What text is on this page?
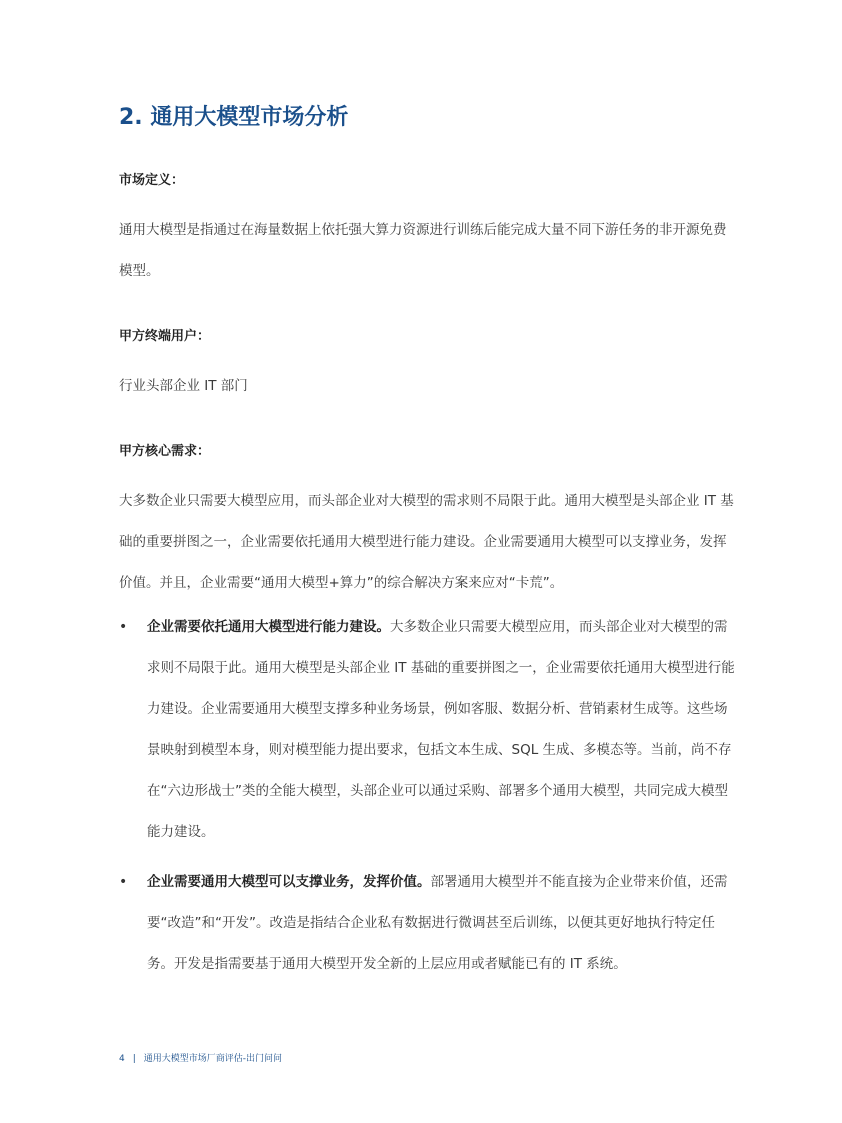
2. 通用大模型市场分析

市场定义：

通用大模型是指通过在海量数据上依托强大算力资源进行训练后能完成大量不同下游任务的非开源免费模型。

甲方终端用户：

行业头部企业 IT 部门

甲方核心需求：

大多数企业只需要大模型应用，而头部企业对大模型的需求则不局限于此。通用大模型是头部企业 IT 基础的重要拼图之一，企业需要依托通用大模型进行能力建设。企业需要通用大模型可以支撑业务，发挥价值。并且，企业需要“通用大模型+算力”的综合解决方案来应对“卡荒”。

• 企业需要依托通用大模型进行能力建设。大多数企业只需要大模型应用，而头部企业对大模型的需求则不局限于此。通用大模型是头部企业 IT 基础的重要拼图之一，企业需要依托通用大模型进行能力建设。企业需要通用大模型支撑多种业务场景，例如客服、数据分析、营销素材生成等。这些场景映射到模型本身，则对模型能力提出要求，包括文本生成、SQL 生成、多模态等。当前，尚不存在“六边形战士”类的全能大模型，头部企业可以通过采购、部署多个通用大模型，共同完成大模型能力建设。
• 企业需要通用大模型可以支撑业务，发挥价值。部署通用大模型并不能直接为企业带来价值，还需要“改造”和“开发”。改造是指结合企业私有数据进行微调甚至后训练，以便其更好地执行特定任务。开发是指需要基于通用大模型开发全新的上层应用或者赋能已有的 IT 系统。
4 | 通用大模型市场厂商评估-出门问问
